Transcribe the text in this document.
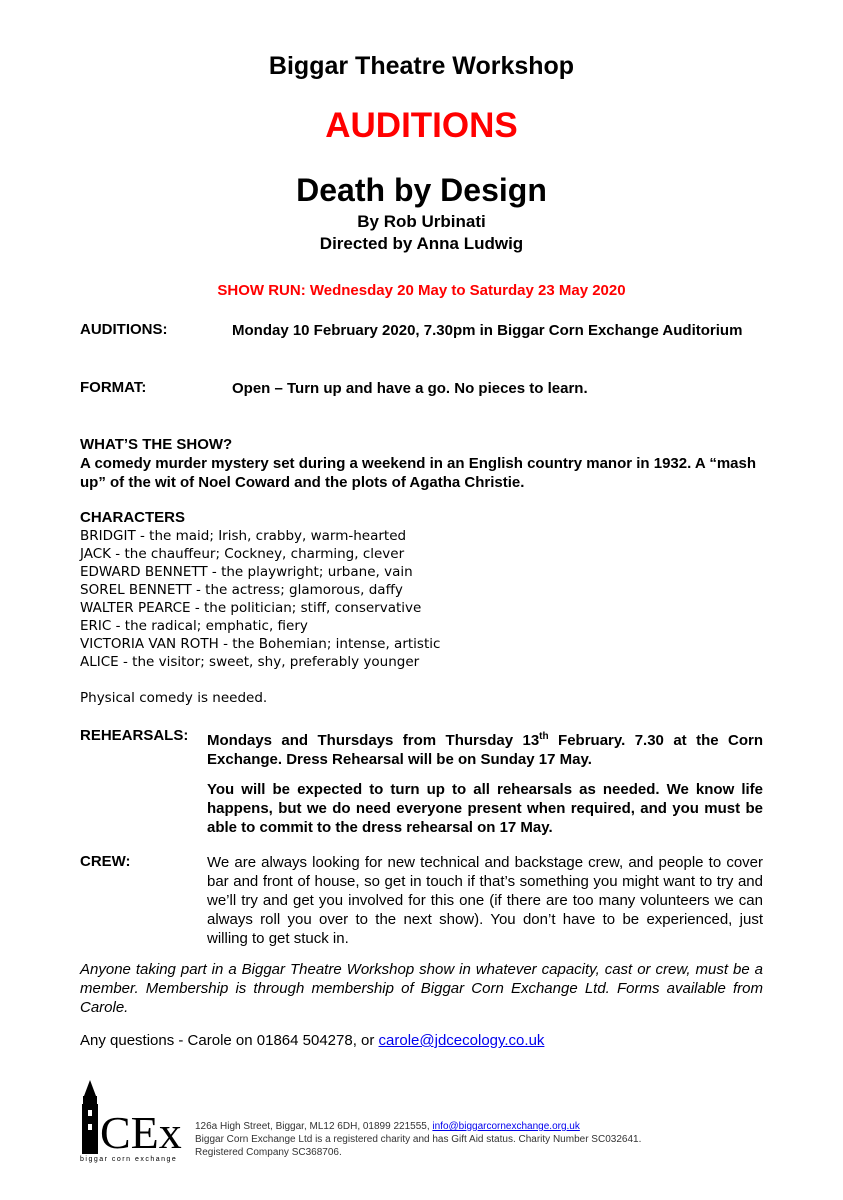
Biggar Theatre Workshop
AUDITIONS
Death by Design
By Rob Urbinati
Directed by Anna Ludwig
SHOW RUN: Wednesday 20 May to Saturday 23 May 2020
AUDITIONS:	Monday 10 February 2020, 7.30pm in Biggar Corn Exchange Auditorium
FORMAT:	Open – Turn up and have a go. No pieces to learn.
WHAT’S THE SHOW?
A comedy murder mystery set during a weekend in an English country manor in 1932. A “mash up” of the wit of Noel Coward and the plots of Agatha Christie.
CHARACTERS
BRIDGIT - the maid; Irish, crabby, warm-hearted
JACK - the chauffeur; Cockney, charming, clever
EDWARD BENNETT - the playwright; urbane, vain
SOREL BENNETT - the actress; glamorous, daffy
WALTER PEARCE - the politician; stiff, conservative
ERIC - the radical; emphatic, fiery
VICTORIA VAN ROTH - the Bohemian; intense, artistic
ALICE - the visitor; sweet, shy, preferably younger
Physical comedy is needed.
REHEARSALS: Mondays and Thursdays from Thursday 13th February. 7.30 at the Corn Exchange. Dress Rehearsal will be on Sunday 17 May.
You will be expected to turn up to all rehearsals as needed. We know life happens, but we do need everyone present when required, and you must be able to commit to the dress rehearsal on 17 May.
CREW:	We are always looking for new technical and backstage crew, and people to cover bar and front of house, so get in touch if that’s something you might want to try and we’ll try and get you involved for this one (if there are too many volunteers we can always roll you over to the next show). You don’t have to be experienced, just willing to get stuck in.
Anyone taking part in a Biggar Theatre Workshop show in whatever capacity, cast or crew, must be a member. Membership is through membership of Biggar Corn Exchange Ltd. Forms available from Carole.
Any questions - Carole on 01864 504278, or carole@jdcecology.co.uk
CEx
biggar corn exchange
126a High Street, Biggar, ML12 6DH, 01899 221555, info@biggarcornexchange.org.uk
Biggar Corn Exchange Ltd is a registered charity and has Gift Aid status. Charity Number SC032641.
Registered Company SC368706.
